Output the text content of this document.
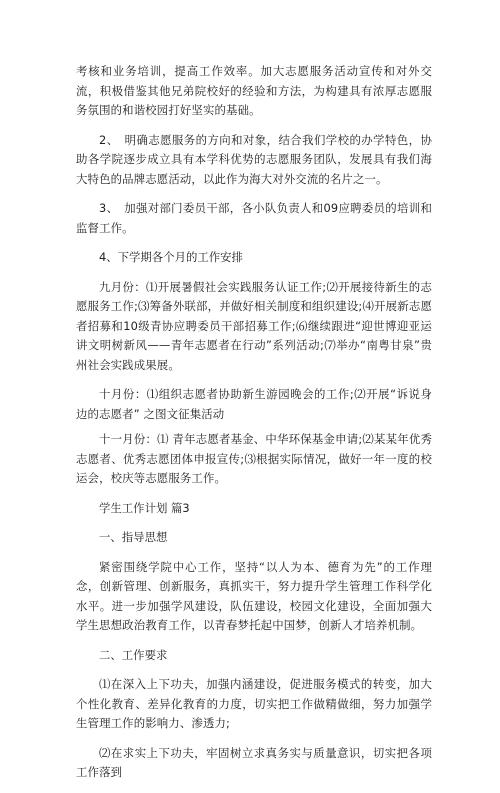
考核和业务培训，提高工作效率。加大志愿服务活动宣传和对外交流，积极借鉴其他兄弟院校好的经验和方法，为构建具有浓厚志愿服务氛围的和谐校园打好坚实的基础。

2、　明确志愿服务的方向和对象，结合我们学校的办学特色，协助各学院逐步成立具有本学科优势的志愿服务团队，发展具有我们海大特色的品牌志愿活动，以此作为海大对外交流的名片之一。

3、　加强对部门委员干部，各小队负责人和09应聘委员的培训和监督工作。

4、下学期各个月的工作安排

九月份：⑴开展暑假社会实践服务认证工作;⑵开展接待新生的志愿服务工作;⑶筹备外联部，并做好相关制度和组织建设;⑷开展新志愿者招募和10级青协应聘委员干部招募工作;⑹继续跟进“迎世博迎亚运讲文明树新风——青年志愿者在行动”系列活动;⑺举办“南粤甘泉”贵州社会实践成果展。

十月份：⑴组织志愿者协助新生游园晚会的工作;⑵开展“诉说身边的志愿者” 之图文征集活动

十一月份：⑴ 青年志愿者基金、中华环保基金申请;⑵某某年优秀志愿者、优秀志愿团体申报宣传;⑶根据实际情况，做好一年一度的校运会，校庆等志愿服务工作。

学生工作计划 篇3

一、指导思想

紧密围绕学院中心工作，坚持“以人为本、德育为先”的工作理念，创新管理、创新服务，真抓实干，努力提升学生管理工作科学化水平。进一步加强学风建设，队伍建设，校园文化建设，全面加强大学生思想政治教育工作，以青春梦托起中国梦，创新人才培养机制。

二、工作要求

⑴在深入上下功夫，加强内涵建设，促进服务模式的转变，加大个性化教育、差异化教育的力度，切实把工作做精做细，努力加强学生管理工作的影响力、渗透力;

⑵在求实上下功夫，牢固树立求真务实与质量意识，切实把各项工作落到
